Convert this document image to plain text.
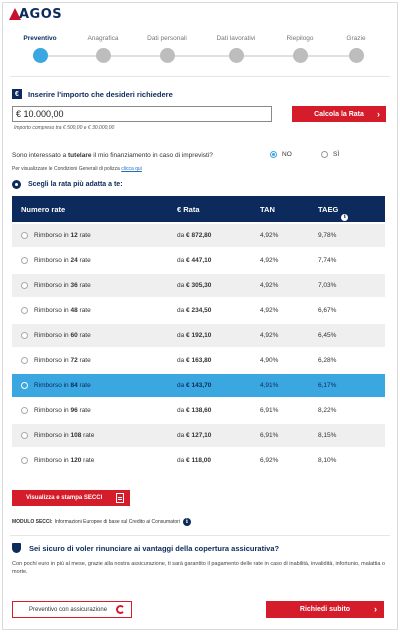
AGOS
Preventivo	Anagrafica	Dati personali	Dati lavorativi	Riepilogo	Grazie
€	Inserire l'importo che desideri richiedere
€ 10.000,00
Importo compreso tra € 500,00 e € 30.000,00
Calcola la Rata ›
Sono interessato a tutelare il mio finanziamento in caso di imprevisti?	NO	SÌ
Per visualizzare le Condizioni Generali di polizza clicca qui
Scegli la rata più adatta a te:
Numero rate	€ Rata	TAN	TAEG
i
Rimborso in 12 rate	da € 872,80	4,92%	9,78%
Rimborso in 24 rate	da € 447,10	4,92%	7,74%
Rimborso in 36 rate	da € 305,30	4,92%	7,03%
Rimborso in 48 rate	da € 234,50	4,92%	6,67%
Rimborso in 60 rate	da € 192,10	4,92%	6,45%
Rimborso in 72 rate	da € 163,80	4,90%	6,28%
Rimborso in 84 rate	da € 143,70	4,91%	6,17%
Rimborso in 96 rate	da € 138,60	6,91%	8,22%
Rimborso in 108 rate	da € 127,10	6,91%	8,15%
Rimborso in 120 rate	da € 118,00	6,92%	8,10%
Visualizza e stampa SECCI
MODULO SECCI: Informazioni Europee di base sul Credito ai Consumatori	i
Sei sicuro di voler rinunciare ai vantaggi della copertura assicurativa?
Con pochi euro in più al mese, grazie alla nostra assicurazione, ti sarà garantito il pagamento delle rate in caso di inabilità, invalidità, infortunio, malattia o morte.
Preventivo con assicurazione	Richiedi subito	›
